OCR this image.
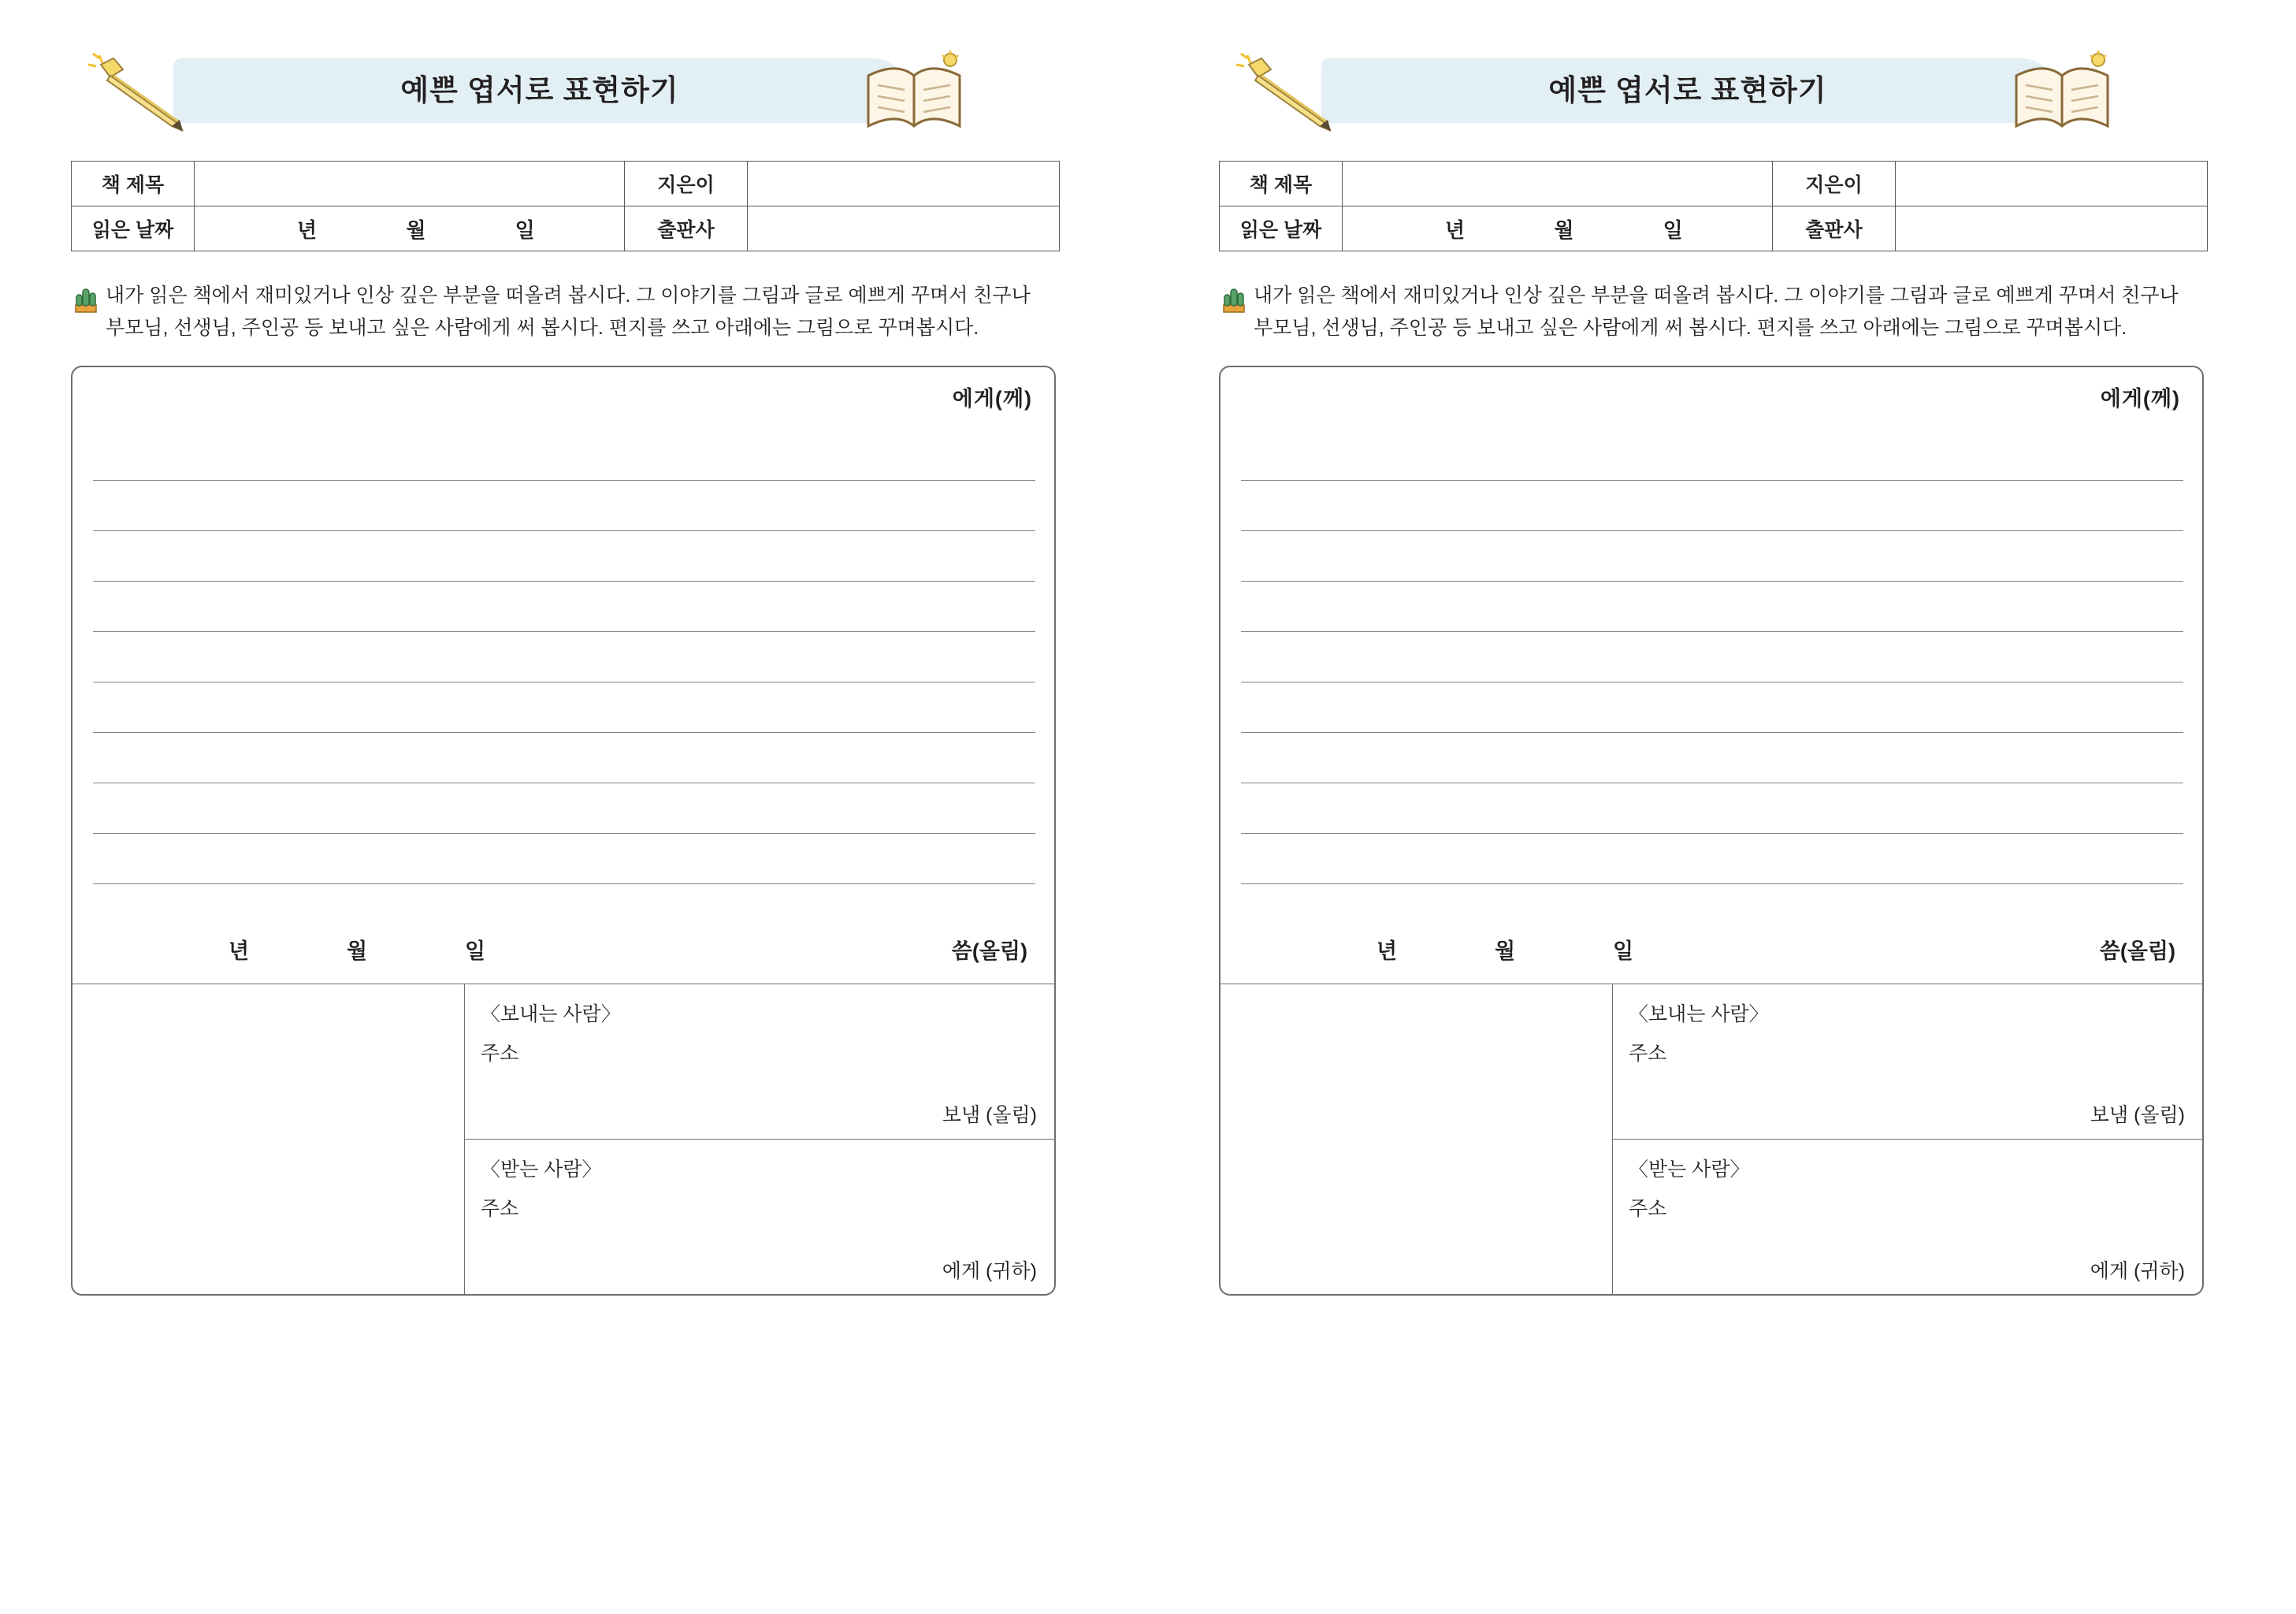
예쁜 엽서로 표현하기
책 제목		지은이	
읽은 날짜	년 월 일	출판사	

내가 읽은 책에서 재미있거나 인상 깊은 부분을 떠올려 봅시다. 그 이야기를 그림과 글로 예쁘게 꾸며서 친구나 부모님, 선생님, 주인공 등 보내고 싶은 사람에게 써 봅시다. 편지를 쓰고 아래에는 그림으로 꾸며봅시다.

에게(께)
년	월	일	씀(올림)
〈보내는 사람〉
주소
보냄 (올림)
〈받는 사람〉
주소
에게 (귀하)
예쁜 엽서로 표현하기
책 제목		지은이	
읽은 날짜	년 월 일	출판사	

내가 읽은 책에서 재미있거나 인상 깊은 부분을 떠올려 봅시다. 그 이야기를 그림과 글로 예쁘게 꾸며서 친구나 부모님, 선생님, 주인공 등 보내고 싶은 사람에게 써 봅시다. 편지를 쓰고 아래에는 그림으로 꾸며봅시다.

에게(께)
년	월	일	씀(올림)
〈보내는 사람〉
주소
보냄 (올림)
〈받는 사람〉
주소
에게 (귀하)
